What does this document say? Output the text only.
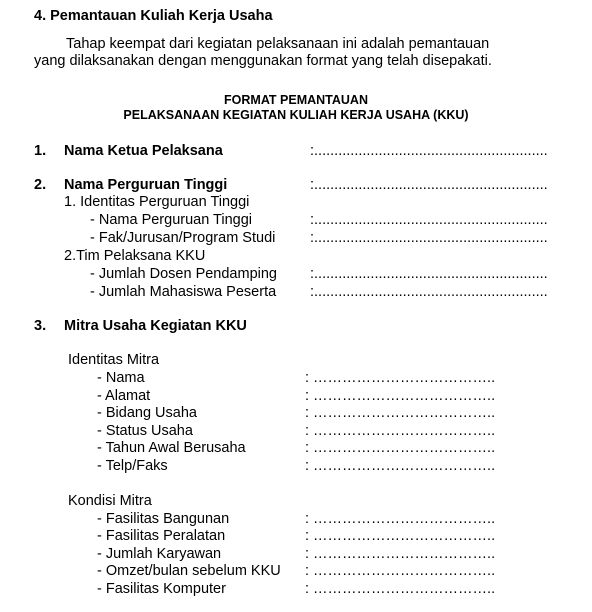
4. Pemantauan Kuliah Kerja Usaha
Tahap keempat dari kegiatan pelaksanaan ini adalah pemantauan
yang dilaksanakan dengan menggunakan format yang telah disepakati.
FORMAT PEMANTAUAN
PELAKSANAAN KEGIATAN KULIAH KERJA USAHA (KKU)
1. Nama Ketua Pelaksana	:..........................................................
2. Nama Perguruan Tinggi	:..........................................................
1. Identitas Perguruan Tinggi
- Nama Perguruan Tinggi	:..........................................................
- Fak/Jurusan/Program Studi :..........................................................
2.Tim Pelaksana KKU
- Jumlah Dosen Pendamping :..........................................................
- Jumlah Mahasiswa Peserta :..........................................................
3. Mitra Usaha Kegiatan KKU
Identitas Mitra
- Nama	: ………………………………..
- Alamat	: ………………………………..
- Bidang Usaha	: ………………………………..
- Status Usaha	: ………………………………..
- Tahun Awal Berusaha	: ………………………………..
- Telp/Faks	: ………………………………..
Kondisi Mitra
- Fasilitas Bangunan	: ………………………………..
- Fasilitas Peralatan	: ………………………………..
- Jumlah Karyawan	: ………………………………..
- Omzet/bulan sebelum KKU : ………………………………..
- Fasilitas Komputer	: ………………………………..
